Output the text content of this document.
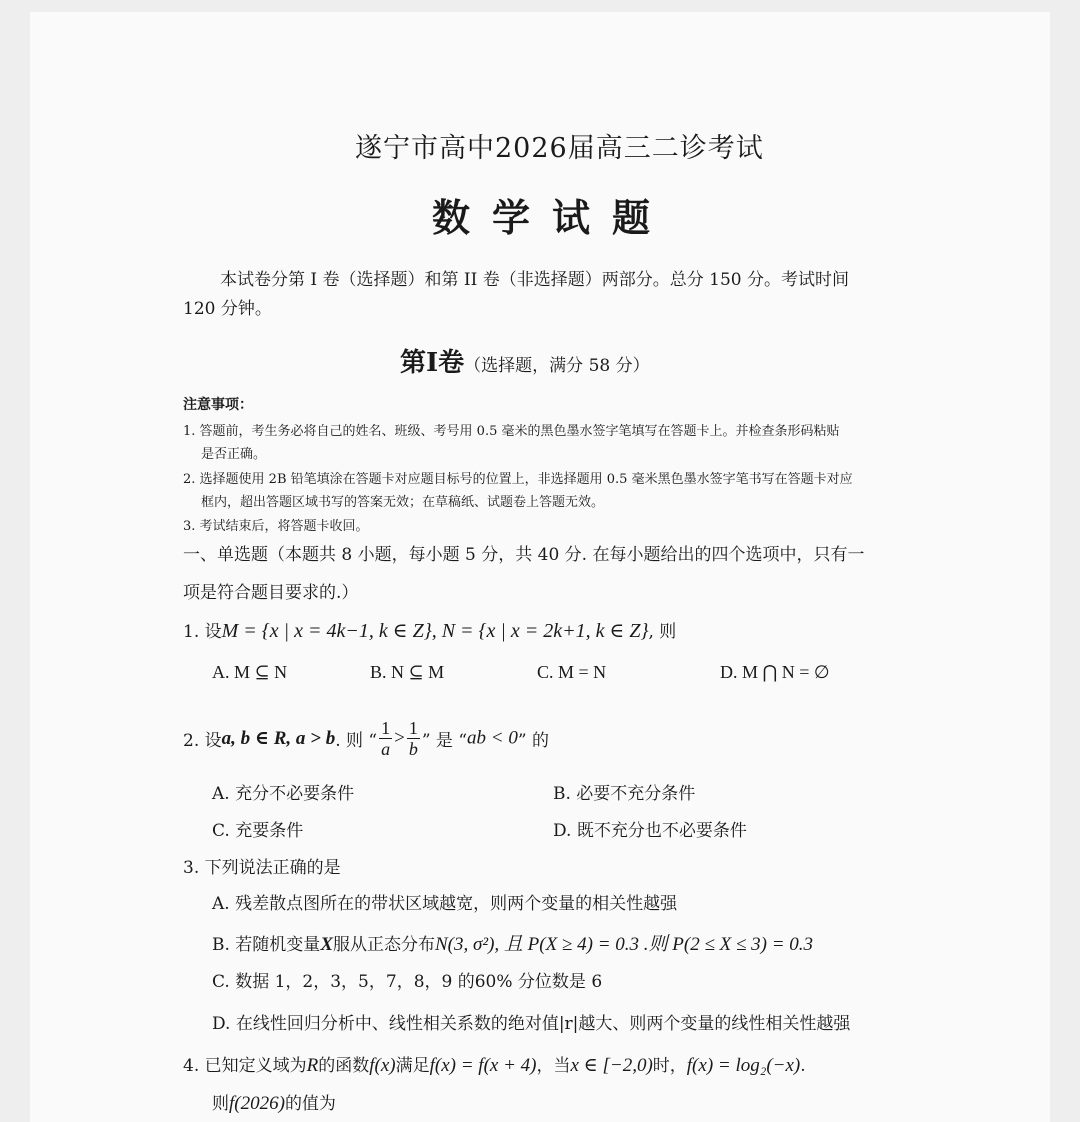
遂宁市高中2026届高三二诊考试
数学试题
本试卷分第 I 卷（选择题）和第 II 卷（非选择题）两部分。总分 150 分。考试时间
120 分钟。
第Ⅰ卷（选择题，满分 58 分）
注意事项：
1. 答题前，考生务必将自己的姓名、班级、考号用 0.5 毫米的黑色墨水签字笔填写在答题卡上。并检查条形码粘贴
是否正确。
2. 选择题使用 2B 铅笔填涂在答题卡对应题目标号的位置上，非选择题用 0.5 毫米黑色墨水签字笔书写在答题卡对应
框内，超出答题区域书写的答案无效；在草稿纸、试题卷上答题无效。
3. 考试结束后，将答题卡收回。
一、单选题（本题共 8 小题，每小题 5 分，共 40 分. 在每小题给出的四个选项中，只有一
项是符合题目要求的.）
1. 设M = {x | x = 4k−1, k ∈ Z}, N = {x | x = 2k+1, k ∈ Z}, 则
A. M ⊆ N	B. N ⊆ M	C. M = N	D. M ⋂ N = ∅
2. 设a, b ∈ R, a > b. 则 “ $\frac{1}{a} > \frac{1}{b}$ ” 是 “ab < 0” 的
A. 充分不必要条件	B. 必要不充分条件
C. 充要条件	D. 既不充分也不必要条件
3. 下列说法正确的是
A. 残差散点图所在的带状区域越宽，则两个变量的相关性越强
B. 若随机变量X服从正态分布N(3, σ²), 且 P(X ≥ 4) = 0.3 .则 P(2 ≤ X ≤ 3) = 0.3
C. 数据 1，2，3，5，7，8，9 的60% 分位数是 6
D. 在线性回归分析中、线性相关系数的绝对值|r|越大、则两个变量的线性相关性越强
4. 已知定义域为R的函数f(x)满足f(x) = f(x + 4)，当x ∈ [−2,0)时，f(x) = log₂(−x).
则f(2026)的值为
